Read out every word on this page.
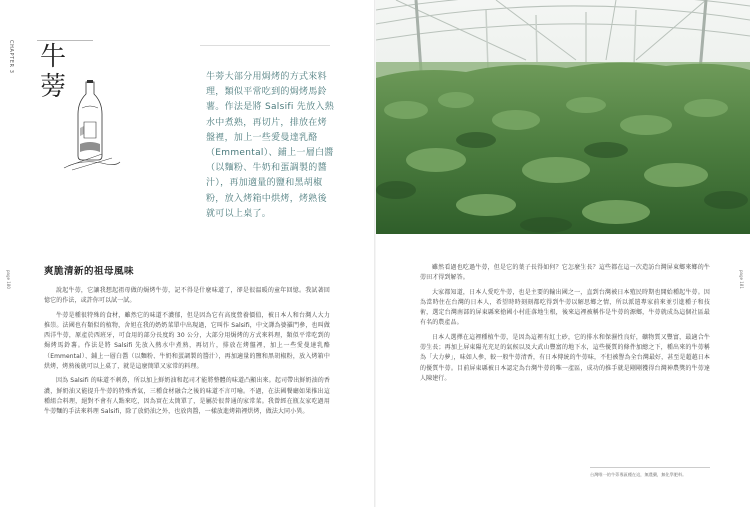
CHAPTER 3
page 180
牛
蒡	牛蒡大部分用焗烤的方式來料理，類似平常吃到的焗烤馬鈴薯。作法是將 Salsifi 先放入熱水中煮熟，再切片，排放在烤盤裡，加上一些愛曼達乳酪（Emmental）、鋪上一層白醬（以麵粉、牛奶和蛋調製的醬汁），再加適量的鹽和黑胡椒粉，放入烤箱中烘烤，烤熟後就可以上桌了。
爽脆清新的祖母風味

說起牛蒡，它讓我想起祖母做的焗烤牛蒡，記不得是什麼味道了，卻是很溫暖的童年回憶。我試著回憶它的作法，或許你可以試一試。

牛蒡是種很特殊的食材，雖然它的味道不濃郁，但是因為它有高度營養價值，被日本人和台灣人大力推崇。法國也有類似的植物，舍妲在我的奶奶菜單中出現過，它叫作 Salsifi，中文譯為婆羅門參，也叫做西洋牛蒡，原產於西班牙，可食用的部分長度約 30 公分，大部分用焗烤的方式來料理，類似平常吃到的焗烤馬鈴薯。作法是將 Salsifi 先放入熱水中煮熟，再切片，排放在烤盤裡，加上一些愛曼達乳酪（Emmental）、鋪上一層白醬（以麵粉、牛奶和蛋調製的醬汁），再加適量的鹽和黑胡椒粉，放入烤箱中烘烤，烤熟後就可以上桌了，就是這麼簡單又家常的料理。

因為 Salsifi 的味道不刺鼻，所以加上鮮奶油和起司才能將整體的味道凸顯出來。起司帶出鮮奶油的香濃，鮮奶油又能提升牛蒡的特殊香氣，三種食材融合之後的味道不言可喻。不過，在法國餐廳如果推出這種組合料理，絕對不會有人點來吃，因為實在太簡單了，是屬於很普通的家常菜。我曾經在瓶友家吃過用牛蒡麵的手法來料理 Salsifi，除了放奶油之外，也放肉醬，一樣放進烤箱裡烘烤，做法大同小異。

page 181

雖然看過也吃過牛蒡，但是它的葉子長得如何？它怎麼生長？這些都在這一次造訪台灣屏東鄉來鄉的牛蒡田才得到解答。

大家都知道，日本人愛吃牛蒡，也是主要的輸出國之一，直到台灣被日本殖民時期也開始種起牛蒡。因為當時住在台灣的日本人，希望時時刻刻都吃得到牛蒡以解思鄉之情，所以派遣專家前來並引進種子和技術，選定台灣南部的屏東縣來搶國小村莊落地生根，後來這裡被稱作是牛蒡的源鄉，牛蒡就成為這個社區最有名的農產品。

日本人選擇在這裡種植牛蒡，是因為這裡有紅土砂，它的排水和保濕性良好，礦物質又豐富，最適合牛蒡生長；再加上屏東陽光充足的氣候以及大武山豐富的地下水，這些優質的條件加總之下，種出來的牛蒡稱為「大力夢」，味如人參，較一般牛蒡清香，有日本傳統的牛蒡味，不但被譽為全台灣最好，甚至是超越日本的優質牛蒡。目前屏東縣被日本認定為台灣牛蒡的唯一產區，成功的推手就是剛剛獲得台灣神農獎的牛蒡達人陳建行。

台灣唯一的牛蒡專區種在這，無農藥，無化學肥料。
